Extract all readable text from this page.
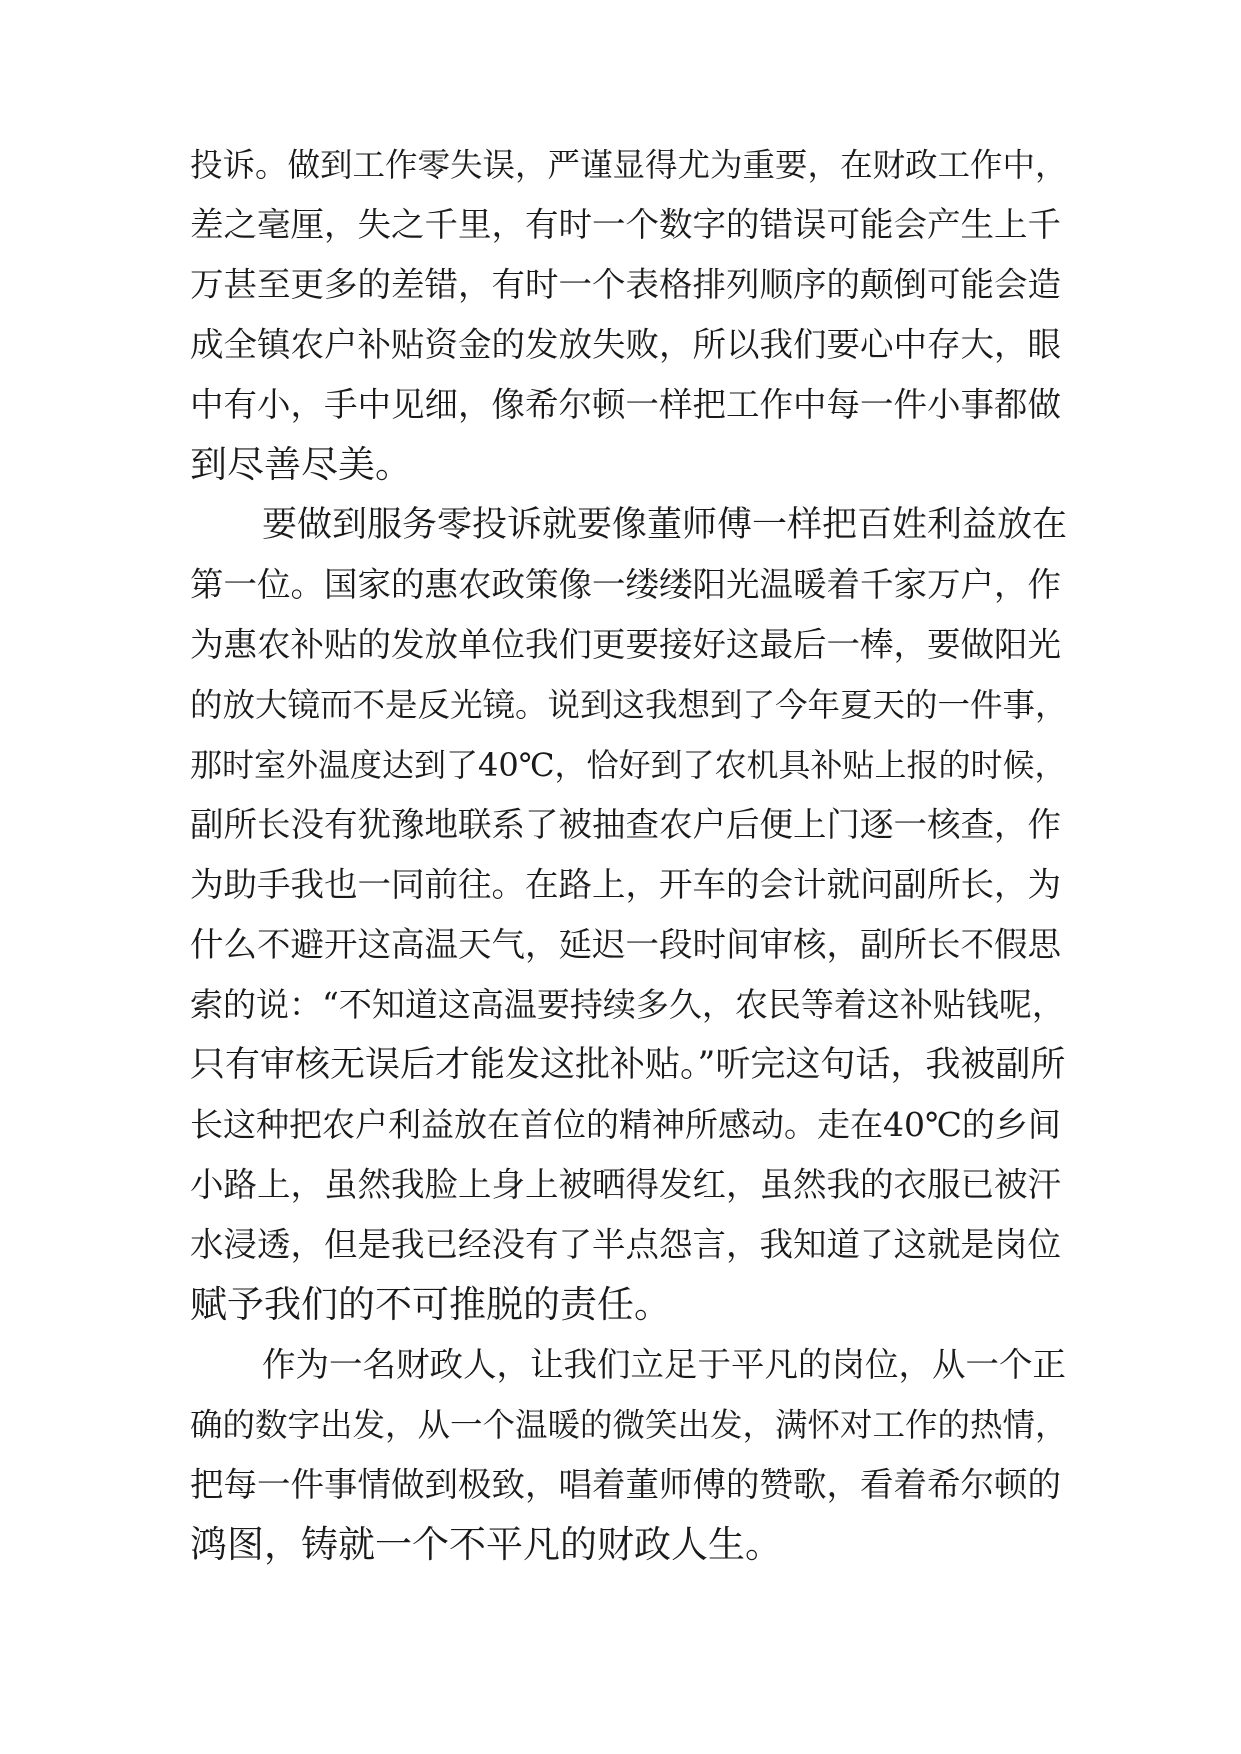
投诉。做到工作零失误，严谨显得尤为重要，在财政工作中，
差之毫厘，失之千里，有时一个数字的错误可能会产生上千
万甚至更多的差错，有时一个表格排列顺序的颠倒可能会造
成全镇农户补贴资金的发放失败，所以我们要心中存大，眼
中有小，手中见细，像希尔顿一样把工作中每一件小事都做
到尽善尽美。
要做到服务零投诉就要像董师傅一样把百姓利益放在
第一位。国家的惠农政策像一缕缕阳光温暖着千家万户，作
为惠农补贴的发放单位我们更要接好这最后一棒，要做阳光
的放大镜而不是反光镜。说到这我想到了今年夏天的一件事，
那时室外温度达到了40℃，恰好到了农机具补贴上报的时候，
副所长没有犹豫地联系了被抽查农户后便上门逐一核查，作
为助手我也一同前往。在路上，开车的会计就问副所长，为
什么不避开这高温天气，延迟一段时间审核，副所长不假思
索的说：“不知道这高温要持续多久，农民等着这补贴钱呢，
只有审核无误后才能发这批补贴。”听完这句话，我被副所
长这种把农户利益放在首位的精神所感动。走在40℃的乡间
小路上，虽然我脸上身上被晒得发红，虽然我的衣服已被汗
水浸透，但是我已经没有了半点怨言，我知道了这就是岗位
赋予我们的不可推脱的责任。
作为一名财政人，让我们立足于平凡的岗位，从一个正
确的数字出发，从一个温暖的微笑出发，满怀对工作的热情，
把每一件事情做到极致，唱着董师傅的赞歌，看着希尔顿的
鸿图，铸就一个不平凡的财政人生。
